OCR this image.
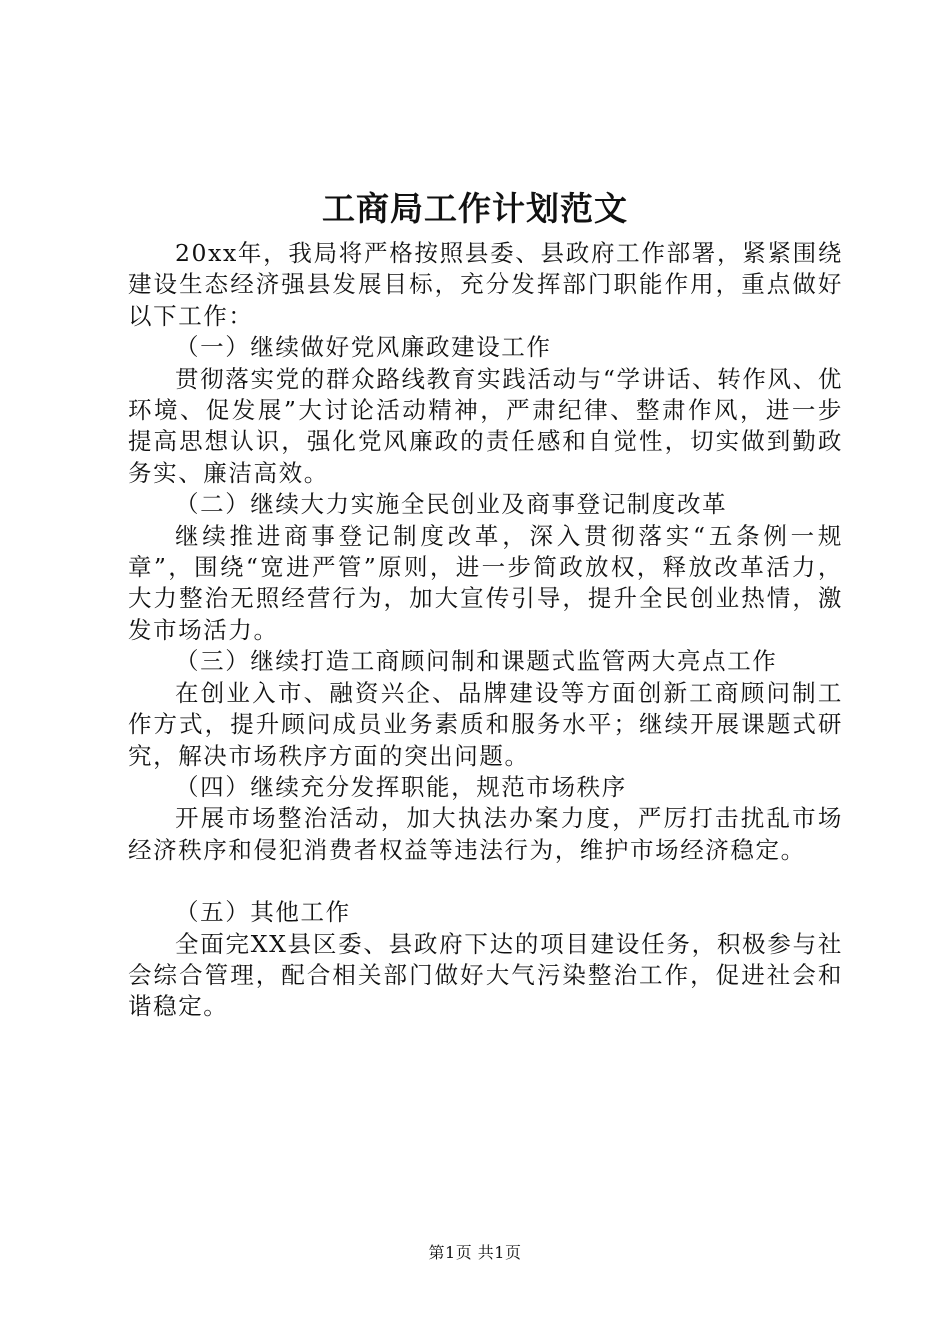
工商局工作计划范文

20xx年，我局将严格按照县委、县政府工作部署，紧紧围绕建设生态经济强县发展目标，充分发挥部门职能作用，重点做好以下工作：

（一）继续做好党风廉政建设工作

贯彻落实党的群众路线教育实践活动与“学讲话、转作风、优环境、促发展”大讨论活动精神，严肃纪律、整肃作风，进一步提高思想认识，强化党风廉政的责任感和自觉性，切实做到勤政务实、廉洁高效。

（二）继续大力实施全民创业及商事登记制度改革

继续推进商事登记制度改革，深入贯彻落实“五条例一规章”，围绕“宽进严管”原则，进一步简政放权，释放改革活力，大力整治无照经营行为，加大宣传引导，提升全民创业热情，激发市场活力。

（三）继续打造工商顾问制和课题式监管两大亮点工作

在创业入市、融资兴企、品牌建设等方面创新工商顾问制工作方式，提升顾问成员业务素质和服务水平；继续开展课题式研究，解决市场秩序方面的突出问题。

（四）继续充分发挥职能，规范市场秩序

开展市场整治活动，加大执法办案力度，严厉打击扰乱市场经济秩序和侵犯消费者权益等违法行为，维护市场经济稳定。

（五）其他工作

全面完XX县区委、县政府下达的项目建设任务，积极参与社会综合管理，配合相关部门做好大气污染整治工作，促进社会和谐稳定。

第1页 共1页
